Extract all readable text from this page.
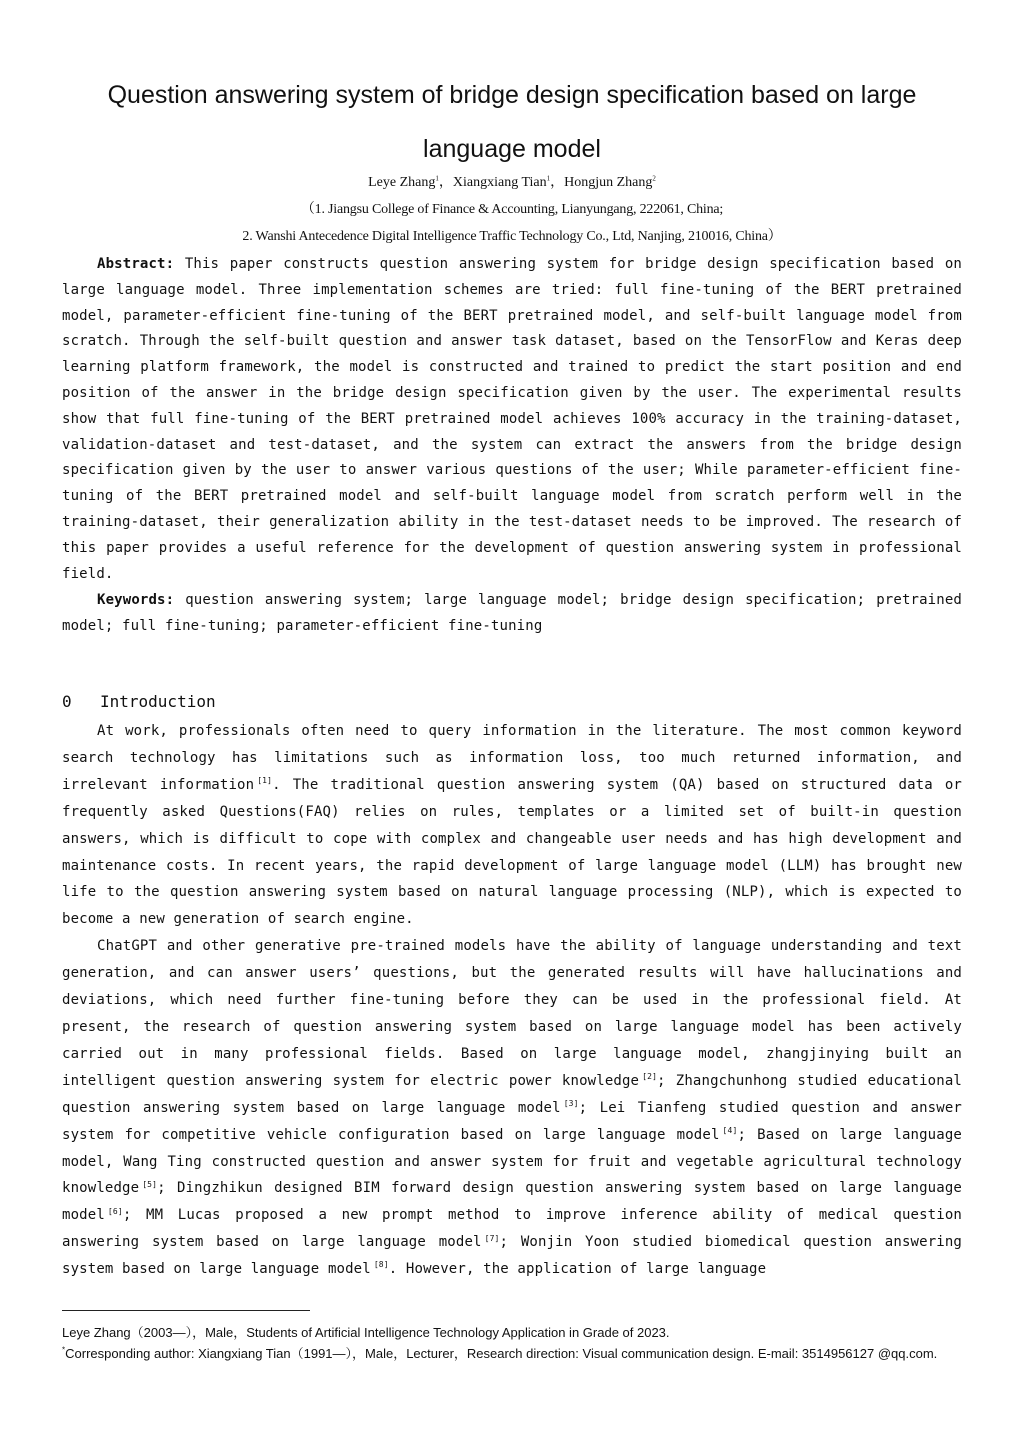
Question answering system of bridge design specification based on large
language model
Leye Zhang$^1$，Xiangxiang Tian$^1$，Hongjun Zhang$^2$
（1. Jiangsu College of Finance & Accounting, Lianyungang, 222061, China;
2. Wanshi Antecedence Digital Intelligence Traffic Technology Co., Ltd, Nanjing, 210016, China）

Abstract: This paper constructs question answering system for bridge design specification based on large language model. Three implementation schemes are tried: full fine-tuning of the BERT pretrained model, parameter-efficient fine-tuning of the BERT pretrained model, and self-built language model from scratch. Through the self-built question and answer task dataset, based on the TensorFlow and Keras deep learning platform framework, the model is constructed and trained to predict the start position and end position of the answer in the bridge design specification given by the user. The experimental results show that full fine-tuning of the BERT pretrained model achieves 100% accuracy in the training-dataset, validation-dataset and test-dataset, and the system can extract the answers from the bridge design specification given by the user to answer various questions of the user; While parameter-efficient fine-tuning of the BERT pretrained model and self-built language model from scratch perform well in the training-dataset, their generalization ability in the test-dataset needs to be improved. The research of this paper provides a useful reference for the development of question answering system in professional field.

Keywords: question answering system; large language model; bridge design specification; pretrained model; full fine-tuning; parameter-efficient fine-tuning

0 Introduction

At work, professionals often need to query information in the literature. The most common keyword search technology has limitations such as information loss, too much returned information, and irrelevant information [1]. The traditional question answering system (QA) based on structured data or frequently asked Questions(FAQ) relies on rules, templates or a limited set of built-in question answers, which is difficult to cope with complex and changeable user needs and has high development and maintenance costs. In recent years, the rapid development of large language model (LLM) has brought new life to the question answering system based on natural language processing (NLP), which is expected to become a new generation of search engine.

ChatGPT and other generative pre-trained models have the ability of language understanding and text generation, and can answer users’ questions, but the generated results will have hallucinations and deviations, which need further fine-tuning before they can be used in the professional field. At present, the research of question answering system based on large language model has been actively carried out in many professional fields. Based on large language model, zhangjinying built an intelligent question answering system for electric power knowledge [2]; Zhangchunhong studied educational question answering system based on large language model [3]; Lei Tianfeng studied question and answer system for competitive vehicle configuration based on large language model [4]; Based on large language model, Wang Ting constructed question and answer system for fruit and vegetable agricultural technology knowledge [5]; Dingzhikun designed BIM forward design question answering system based on large language model [6]; MM Lucas proposed a new prompt method to improve inference ability of medical question answering system based on large language model [7]; Wonjin Yoon studied biomedical question answering system based on large language model [8]. However, the application of large language

Leye Zhang（2003—），Male，Students of Artificial Intelligence Technology Application in Grade of 2023.
*Corresponding author: Xiangxiang Tian（1991—），Male，Lecturer，Research direction: Visual communication design. E-mail: 3514956127 @qq.com.
